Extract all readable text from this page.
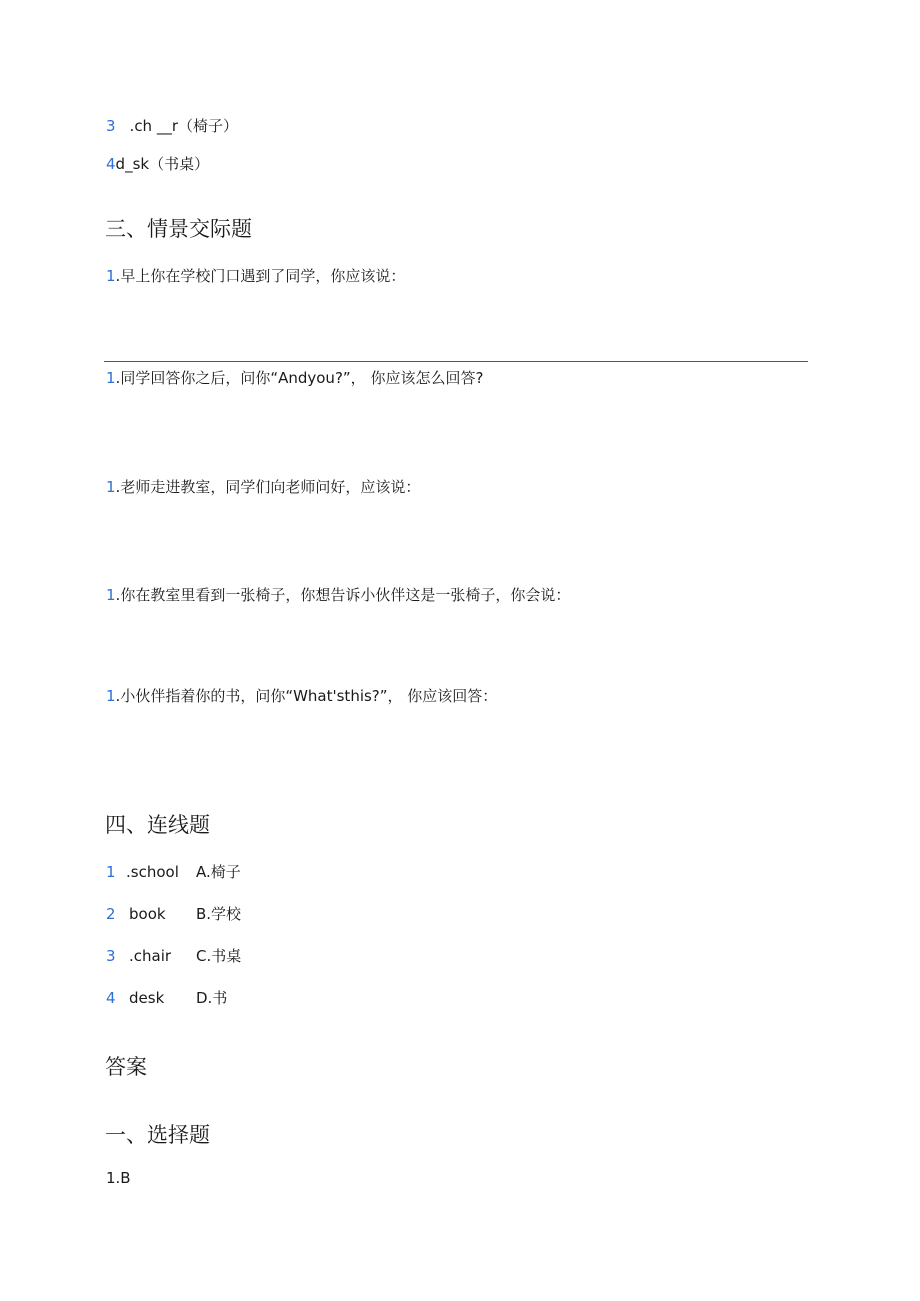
3 .ch __r（椅子）
4d_sk（书桌）
三、情景交际题
1.早上你在学校门口遇到了同学，你应该说：
1.同学回答你之后，问你“Andyou?”， 你应该怎么回答?
1.老师走进教室，同学们向老师问好，应该说：
1.你在教室里看到一张椅子，你想告诉小伙伴这是一张椅子，你会说：
1.小伙伴指着你的书，问你“What'sthis?”， 你应该回答：
四、连线题
1 .school A.椅子
2 book B.学校
3 .chair C.书桌
4 desk D.书
答案
一、选择题
1.B
